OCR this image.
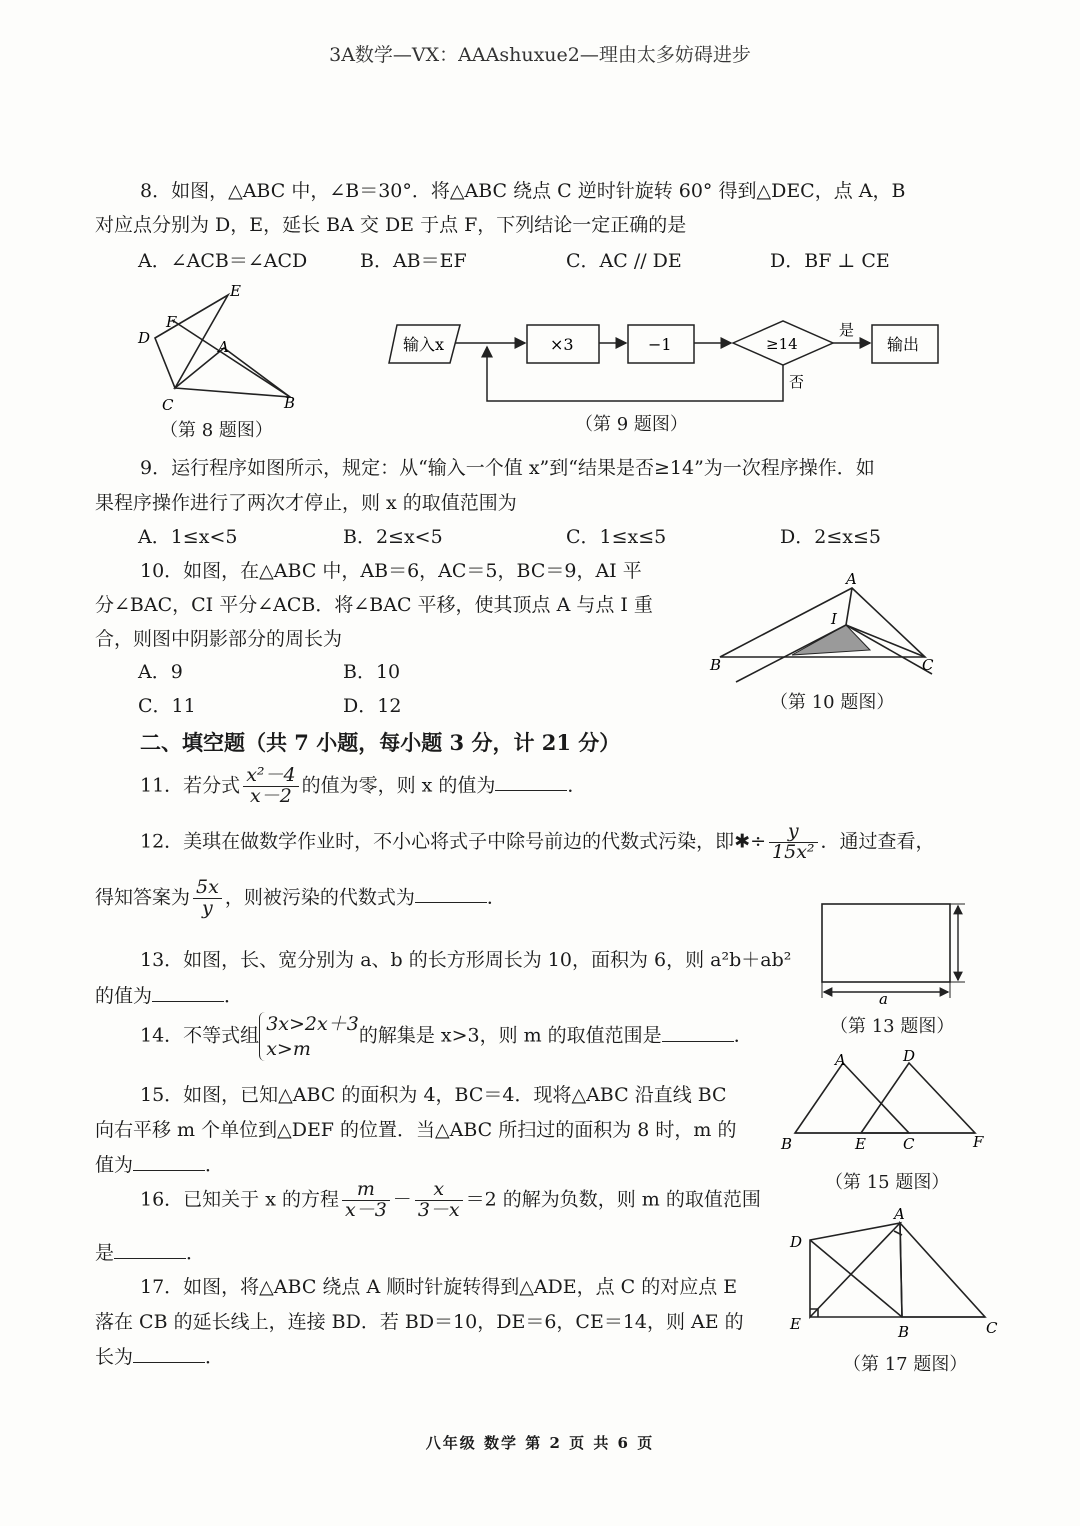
3A数学—VX：AAAshuxue2—理由太多妨碍进步
8．如图，△ABC 中，∠B＝30°．将△ABC 绕点 C 逆时针旋转 60° 得到△DEC，点 A，B
对应点分别为 D，E，延长 BA 交 DE 于点 F，下列结论一定正确的是
A．∠ACB＝∠ACD	B．AB＝EF	C．AC // DE	D．BF ⊥ CE
E
F
D	A
C	B
（第 8 题图）
输入x	×3	−1	≥14	输出
是
否
（第 9 题图）
9．运行程序如图所示，规定：从“输入一个值 x”到“结果是否≥14”为一次程序操作．如
果程序操作进行了两次才停止，则 x 的取值范围为
A．1≤x<5	B．2≤x<5	C．1≤x≤5	D．2≤x≤5
10．如图，在△ABC 中，AB＝6，AC＝5，BC＝9，AI 平
分∠BAC，CI 平分∠ACB．将∠BAC 平移，使其顶点 A 与点 I 重
合，则图中阴影部分的周长为
A．9	B．10
C．11	D．12
A
I
B	C
（第 10 题图）
二、填空题（共 7 小题，每小题 3 分，计 21 分）
11．若分式 $\frac{\text{x²－4}}{x-2}$ 的值为零，则 x 的值为	．
12．美琪在做数学作业时，不小心将式子中除号前边的代数式污染，即✱÷ $\frac{y}{\text{15x²}}$ ．通过查看，
得知答案为 $\frac{5x}{y}$ ，则被污染的代数式为	．
a
（第 13 题图）
13．如图，长、宽分别为 a、b 的长方形周长为 10，面积为 6，则 a²b＋ab²
的值为	．
14．不等式组
3x>2x＋3
x>m
的解集是 x>3，则 m 的取值范围是	．
15．如图，已知△ABC 的面积为 4，BC＝4．现将△ABC 沿直线 BC
向右平移 m 个单位到△DEF 的位置．当△ABC 所扫过的面积为 8 时，m 的
值为	．
A	D
B	E C	F
（第 15 题图）
16．已知关于 x 的方程 $\frac{m}{x-3} - \frac{x}{3-x} =2$ 的解为负数，则 m 的取值范围
是	．
17．如图，将△ABC 绕点 A 顺时针旋转得到△ADE，点 C 的对应点 E
落在 CB 的延长线上，连接 BD．若 BD＝10，DE＝6，CE＝14，则 AE 的
长为	．
A
D
E	B	C
（第 17 题图）
八年级 数学 第 2 页 共 6 页
